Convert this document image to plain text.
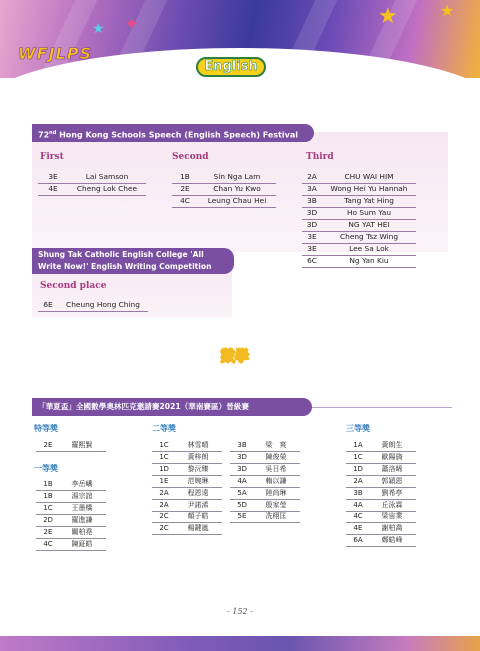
★	★
★ ✦
WFJLPS
English
72nd Hong Kong Schools Speech (English Speech) Festival
First
3E	Lai Samson
4E	Cheng Lok Chee
Second
1B	Sin Nga Lam
2E	Chan Yu Kwo
4C	Leung Chau Hei
Third
2A	CHU WAI HIM
3A	Wong Hei Yu Hannah
3B	Tang Yat Hing
3D	Ho Sum Yau
3D	NG YAT HEI
3E	Cheng Tsz Wing
3E	Lee Sa Lok
6C	Ng Yan Kiu
Shung Tak Catholic English College 'All
Write Now!' English Writing Competition
Second place
6E	Cheung Hong Ching
數學
「華夏盃」全國數學奧林匹克邀請賽2021（華南賽區）晉級賽
特等獎
一等獎
二等獎	三等獎
2E	羅熙賢
1B	李岳嶠
1B	湯宗誼
1C	王墨橋
2D	羅進謙
2E	關柏堯
4C	陳鉦皓
1C	林雪晴
1C	黃梓朗
1D	黎沅臻
1E	范婉琳
2A	程恩遠
2A	尹諾浠
2C	顏子皓
2C	楊鍵嵐
3B	梁　爽
3D	陳俊榮
3D	吳日希
4A	賴以謙
5A	陸尚琳
5D	殷家瑩
5E	冼栩匡
1A	黃朗生
1C	歐陽旖
1D	蕭洛晞
2A	郭穎恩
3B	劉希亭
4A	丘泳霖
4C	梁宙業
4E	謝柏喬
6A	鄭皓峰
- 152 -
